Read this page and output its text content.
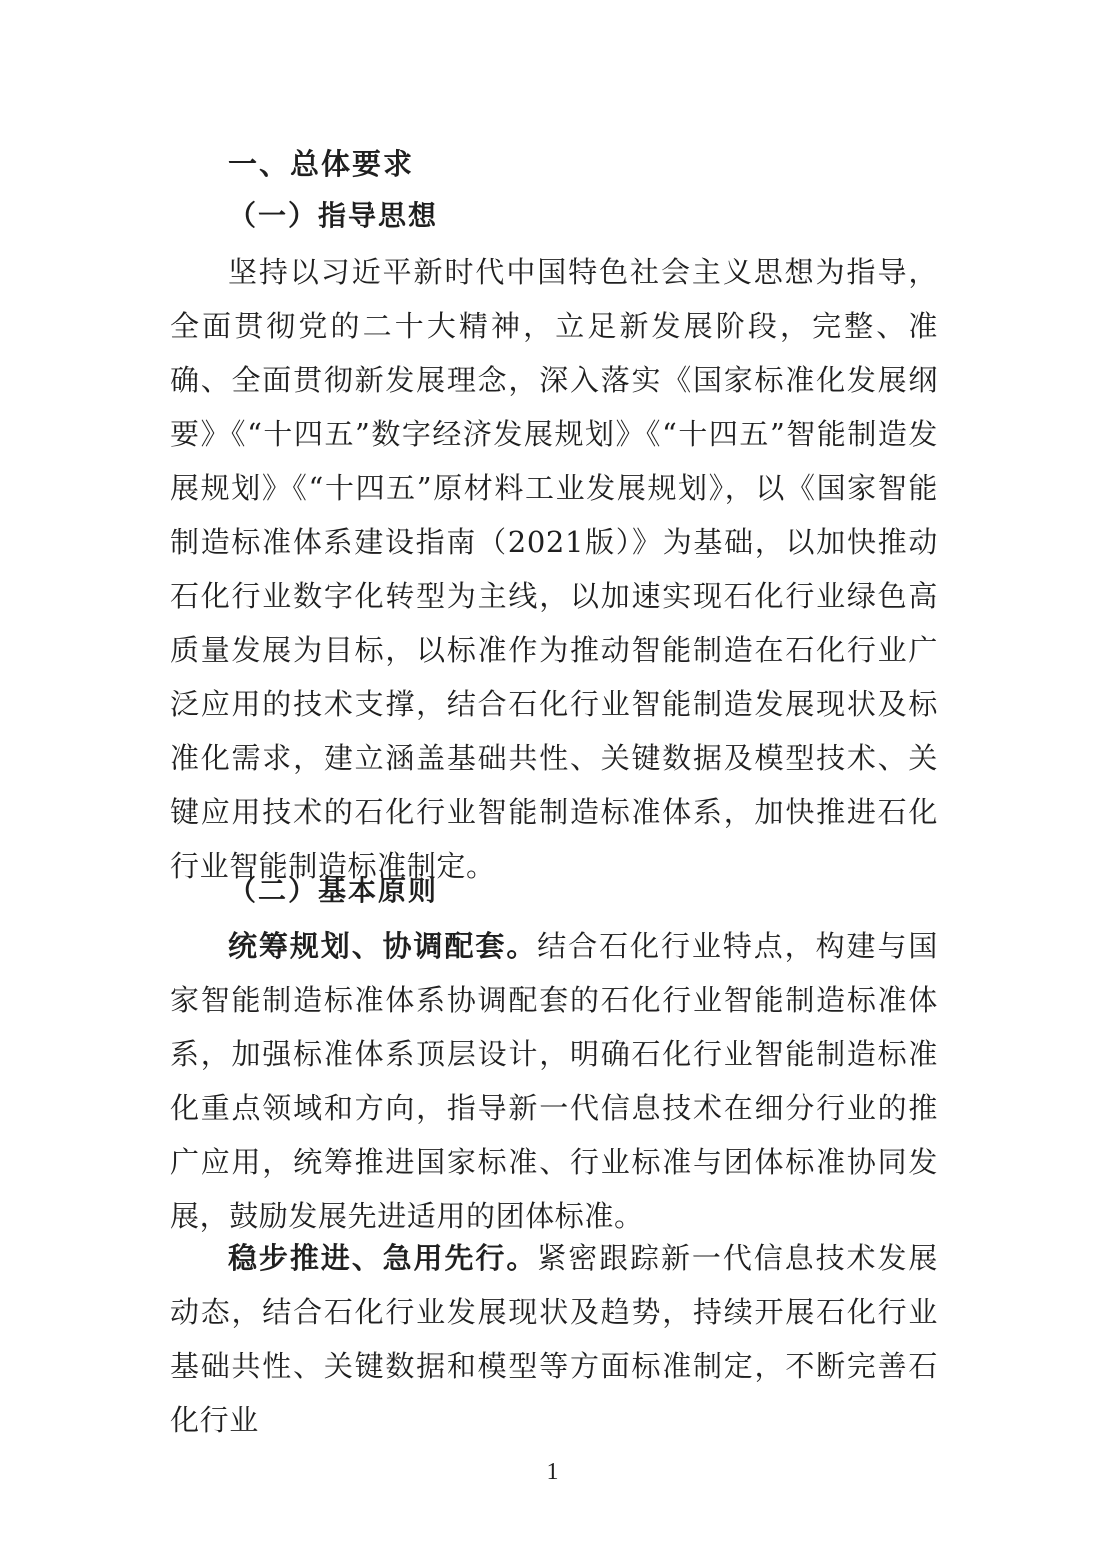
一、总体要求
（一）指导思想

坚持以习近平新时代中国特色社会主义思想为指导，全面贯彻党的二十大精神，立足新发展阶段，完整、准确、全面贯彻新发展理念，深入落实《国家标准化发展纲要》《“十四五”数字经济发展规划》《“十四五”智能制造发展规划》《“十四五”原材料工业发展规划》，以《国家智能制造标准体系建设指南（2021版）》为基础，以加快推动石化行业数字化转型为主线，以加速实现石化行业绿色高质量发展为目标，以标准作为推动智能制造在石化行业广泛应用的技术支撑，结合石化行业智能制造发展现状及标准化需求，建立涵盖基础共性、关键数据及模型技术、关键应用技术的石化行业智能制造标准体系，加快推进石化行业智能制造标准制定。

（二）基本原则

统筹规划、协调配套。结合石化行业特点，构建与国家智能制造标准体系协调配套的石化行业智能制造标准体系，加强标准体系顶层设计，明确石化行业智能制造标准化重点领域和方向，指导新一代信息技术在细分行业的推广应用，统筹推进国家标准、行业标准与团体标准协同发展，鼓励发展先进适用的团体标准。

稳步推进、急用先行。紧密跟踪新一代信息技术发展动态，结合石化行业发展现状及趋势，持续开展石化行业基础共性、关键数据和模型等方面标准制定，不断完善石化行业

1
